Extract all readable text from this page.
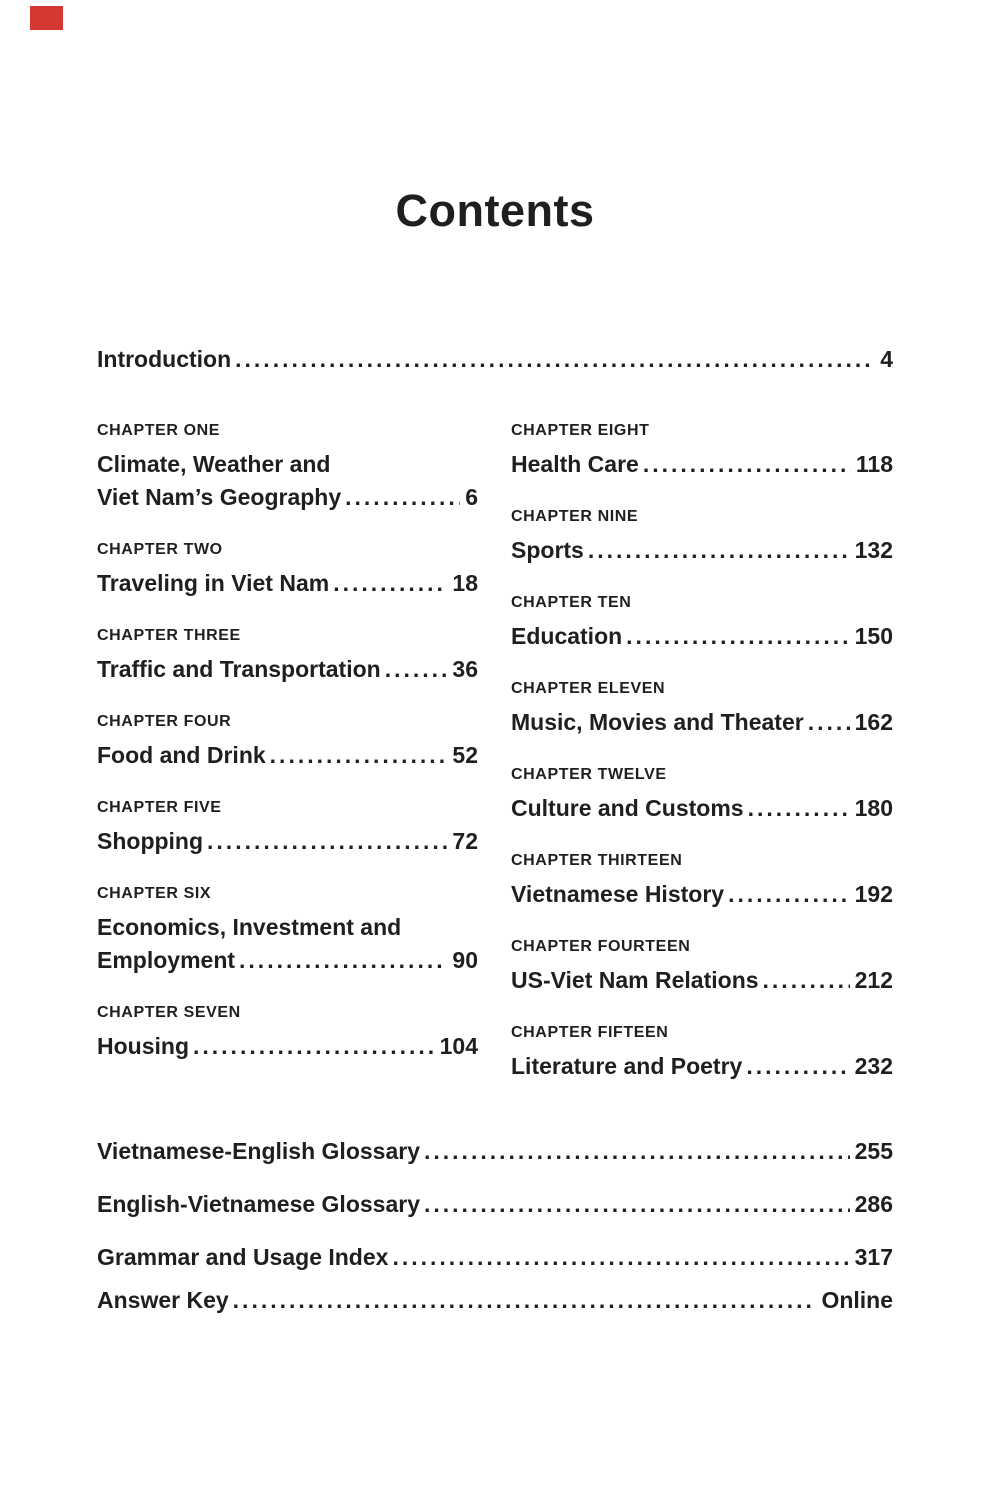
Contents
Introduction .....	4
CHAPTER ONE
Climate, Weather and
Viet Nam’s Geography .....	6
CHAPTER TWO
Traveling in Viet Nam .....	18
CHAPTER THREE
Traffic and Transportation .....	36
CHAPTER FOUR
Food and Drink .....	52
CHAPTER FIVE
Shopping .....	72
CHAPTER SIX
Economics, Investment and
Employment .....	90
CHAPTER SEVEN
Housing .....	104
CHAPTER EIGHT
Health Care .....	118
CHAPTER NINE
Sports .....	132
CHAPTER TEN
Education .....	150
CHAPTER ELEVEN
Music, Movies and Theater ..... 162
CHAPTER TWELVE
Culture and Customs .....	180
CHAPTER THIRTEEN
Vietnamese History .....	192
CHAPTER FOURTEEN
US-Viet Nam Relations .....	212
CHAPTER FIFTEEN
Literature and Poetry .....	232
Vietnamese-English Glossary .....	255
English-Vietnamese Glossary .....	286
Grammar and Usage Index .....	317
Answer Key .....	Online
